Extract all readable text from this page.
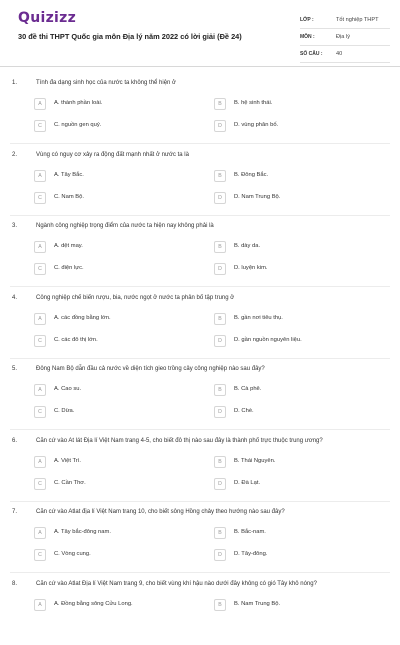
Quizizz
30 đề thi THPT Quốc gia môn Địa lý năm 2022 có lời giải (Đề 24)
LỚP :	Tốt nghiệp THPT
MÔN :	Địa lý
SỐ CÂU :	40
1.	Tính đa dạng sinh học của nước ta không thể hiện ở
A	A. thành phần loài.	B	B. hệ sinh thái.
C	C. nguồn gen quý.	D	D. vùng phân bố.
2.	Vùng có nguy cơ xảy ra động đất mạnh nhất ở nước ta là
A	A. Tây Bắc.	B	B. Đông Bắc.
C	C. Nam Bộ.	D	D. Nam Trung Bộ.
3.	Ngành công nghiệp trọng điểm của nước ta hiện nay không phải là
A	A. dệt may.	B	B. dày da.
C	C. điện lực.	D	D. luyện kim.
4.	Công nghiệp chế biến rượu, bia, nước ngọt ở nước ta phân bố tập trung ở
A	A. các đồng bằng lớn.	B	B. gần nơi tiêu thụ.
C	C. các đô thị lớn.	D	D. gần nguồn nguyên liệu.
5.	Đông Nam Bộ dẫn đầu cả nước về diện tích gieo trồng cây công nghiệp nào sau đây?
A	A. Cao su.	B	B. Cà phê.
C	C. Dừa.	D	D. Chè.
6.	Căn cứ vào At lát Địa lí Việt Nam trang 4-5, cho biết đô thị nào sau đây là thành phố trực thuộc trung ương?
A	A. Việt Trì.	B	B. Thái Nguyên.
C	C. Cần Thơ.	D	D. Đà Lạt.
7.	Căn cứ vào Atlat địa lí Việt Nam trang 10, cho biết sông Hồng chảy theo hướng nào sau đây?
A	A. Tây bắc-đông nam.	B	B. Bắc-nam.
C	C. Vòng cung.	D	D. Tây-đông.
8.	Căn cứ vào Atlat Địa lí Việt Nam trang 9, cho biết vùng khí hậu nào dưới đây không có gió Tây khô nóng?
A	A. Đồng bằng sông Cửu Long.	B	B. Nam Trung Bộ.
